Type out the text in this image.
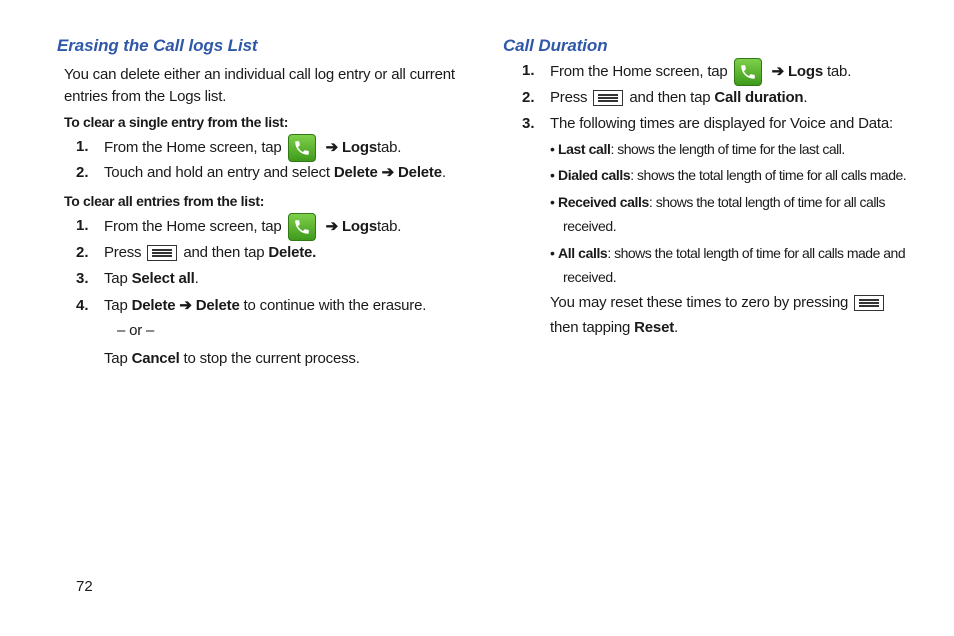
Erasing the Call logs List
You can delete either an individual call log entry or all current
entries from the Logs list.
To clear a single entry from the list:
1. From the Home screen, tap	➔ Logs tab.
2. Touch and hold an entry and select Delete ➔ Delete .
To clear all entries from the list:
1. From the Home screen, tap	➔ Logs tab.
2. Press	and then tap Delete.
3. Tap Select all .
4. Tap Delete ➔ Delete to continue with the erasure.
– or –
Tap Cancel to stop the current process.
Call Duration
1. From the Home screen, tap	➔ Logs tab.
2. Press	and then tap Call duration .
3. The following times are displayed for Voice and Data:
• Last call: shows the length of time for the last call.
• Dialed calls: shows the total length of time for all calls made.
• Received calls: shows the total length of time for all calls
received.
• All calls: shows the total length of time for all calls made and
received.
You may reset these times to zero by pressing
then tapping Reset .
72
